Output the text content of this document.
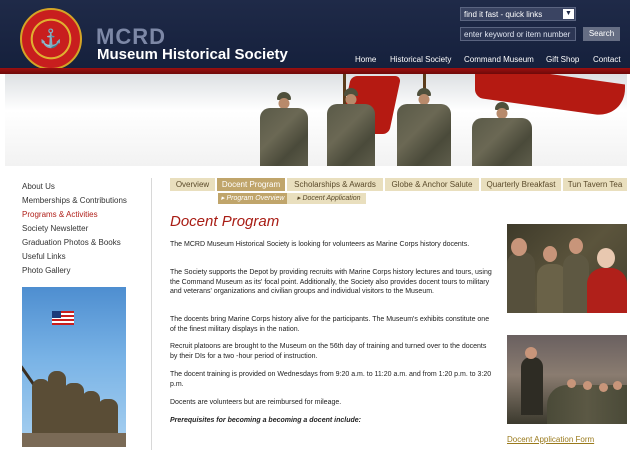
⚓ MCRD
Museum Historical Society
find it fast - quick links	▼
enter keyword or item number
Search
Home Historical Society Command Museum Gift Shop Contact
About Us
Memberships & Contributions
Programs & Activities
Society Newsletter
Graduation Photos & Books
Useful Links
Photo Gallery
Overview	Docent Program	Scholarships & Awards	Globe & Anchor Salute	Quarterly Breakfast	Tun Tavern Tea
▸ Program Overview	▸ Docent Application
Docent Program

The MCRD Museum Historical Society is looking for volunteers as Marine Corps history docents.

The Society supports the Depot by providing recruits with Marine Corps history lectures and tours, using the Command Museum as its' focal point. Additionally, the Society also provides docent tours to military and veterans' organizations and civilian groups and individual visitors to the Museum.

The docents bring Marine Corps history alive for the participants. The Museum's exhibits constitute one of the finest military displays in the nation.

Recruit platoons are brought to the Museum on the 56th day of training and turned over to the docents by their DIs for a two -hour period of instruction.

The docent training is provided on Wednesdays from 9:20 a.m. to 11:20 a.m. and from 1:20 p.m. to 3:20 p.m.

Docents are volunteers but are reimbursed for mileage.

Prerequisites for becoming a becoming a docent include:

Docent Application Form
